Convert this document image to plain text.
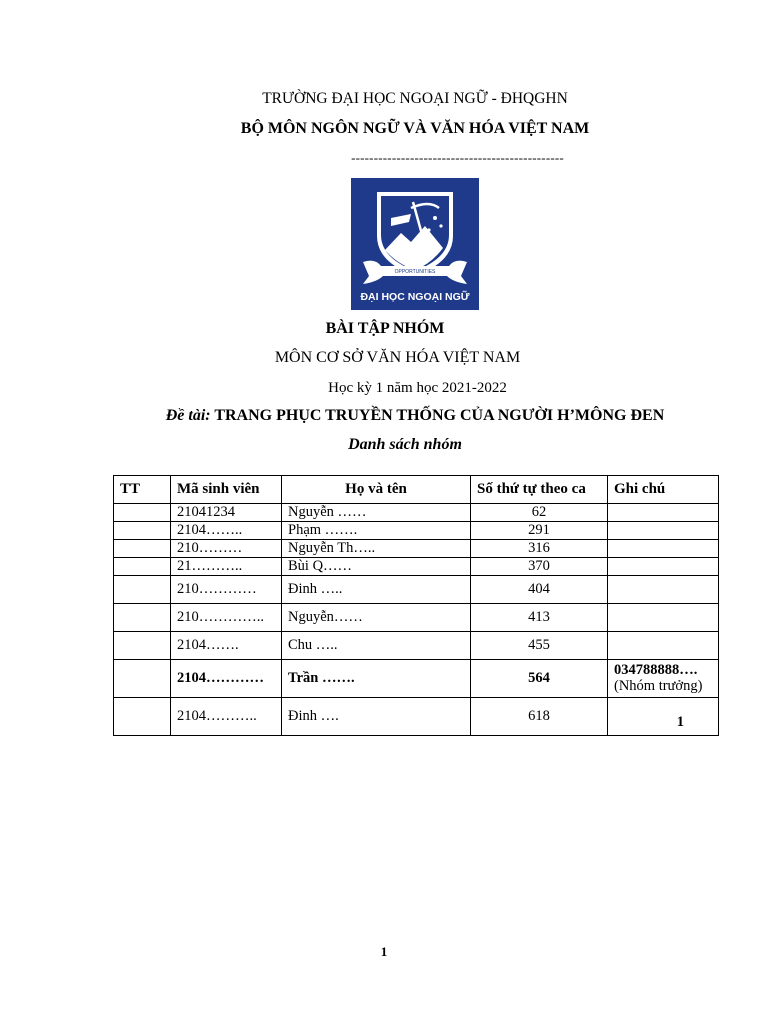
TRƯỜNG ĐẠI HỌC NGOẠI NGỮ - ĐHQGHN
BỘ MÔN NGÔN NGỮ VÀ VĂN HÓA VIỆT NAM
-----------------------------------------------
ULIS
OPPORTUNITIES
ĐẠI HỌC NGOẠI NGỮ
BÀI TẬP NHÓM
MÔN CƠ SỞ VĂN HÓA VIỆT NAM
Học kỳ 1 năm học 2021-2022
Đề tài: TRANG PHỤC TRUYỀN THỐNG CỦA NGƯỜI H’MÔNG ĐEN
Danh sách nhóm
TT	Mã sinh viên	Họ và tên	Số thứ tự theo ca	Ghi chú
	21041234	Nguyễn ……	62	
	2104……..	Phạm …….	291	
	210………	Nguyễn Th…..	316	
	21………..	Bùi Q……	370	
	210…………	Đinh …..	404	
	210…………..	Nguyễn……	413	
	2104…….	Chu …..	455	
	2104…………	Trần …….	564	034788888….
(Nhóm trưởng)

	2104………..	Đinh ….	618	1
1
